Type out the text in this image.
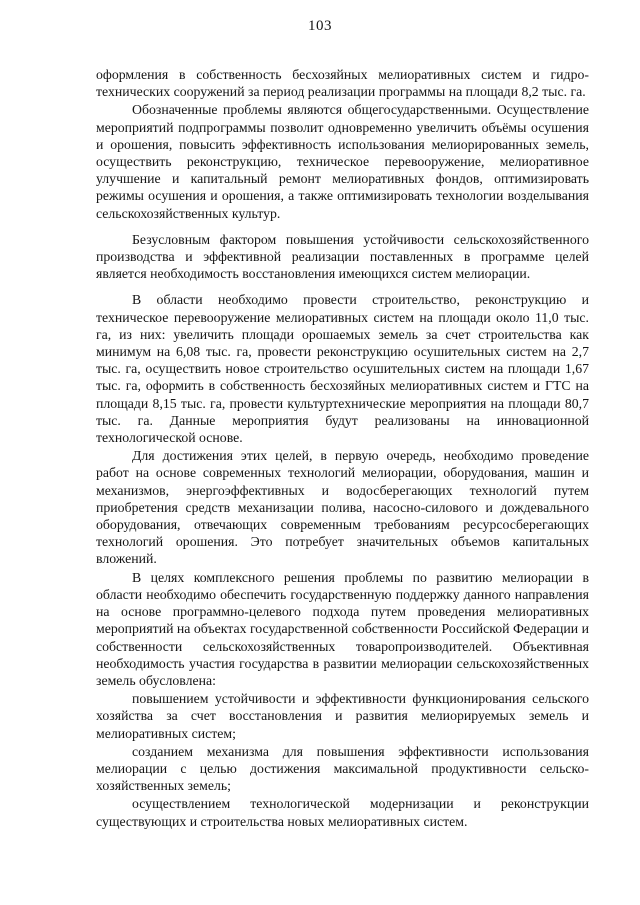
103

оформления в собственность бесхозяйных мелиоративных систем и гидротехнических сооружений за период реализации программы на площади 8,2 тыс. га.

Обозначенные проблемы являются общегосударственными. Осуществление мероприятий подпрограммы позволит одновременно увеличить объёмы осушения и орошения, повысить эффективность использования мелиорированных земель, осуществить реконструкцию, техническое перевооружение, мелиоративное улучшение и капитальный ремонт мелиоративных фондов, оптимизировать режимы осушения и орошения, а также оптимизировать технологии возделывания сельскохозяйственных культур.

Безусловным фактором повышения устойчивости сельскохозяйственного производства и эффективной реализации поставленных в программе целей является необходимость восстановления имеющихся систем мелиорации.

В области необходимо провести строительство, реконструкцию и техническое перевооружение мелиоративных систем на площади около 11,0 тыс. га, из них: увеличить площади орошаемых земель за счет строительства как минимум на 6,08 тыс. га, провести реконструкцию осушительных систем на 2,7 тыс. га, осуществить новое строительство осушительных систем на площади 1,67 тыс. га, оформить в собственность бесхозяйных мелиоративных систем и ГТС на площади 8,15 тыс. га, провести культуртехнические мероприятия на площади 80,7 тыс. га. Данные мероприятия будут реализованы на инновационной технологической основе.

Для достижения этих целей, в первую очередь, необходимо проведение работ на основе современных технологий мелиорации, оборудования, машин и механизмов, энергоэффективных и водосберегающих технологий путем приобретения средств механизации полива, насосно-силового и дождевального оборудования, отвечающих современным требованиям ресурсосберегающих технологий орошения. Это потребует значительных объемов капитальных вложений.

В целях комплексного решения проблемы по развитию мелиорации в области необходимо обеспечить государственную поддержку данного направления на основе программно-целевого подхода путем проведения мелиоративных мероприятий на объектах государственной собственности Российской Федерации и собственности сельскохозяйственных товаропроизводителей. Объективная необходимость участия государства в развитии мелиорации сельскохозяйственных земель обусловлена:

повышением устойчивости и эффективности функционирования сельского хозяйства за счет восстановления и развития мелиорируемых земель и мелиоративных систем;

созданием механизма для повышения эффективности использования мелиорации с целью достижения максимальной продуктивности сельскохозяйственных земель;

осуществлением технологической модернизации и реконструкции существующих и строительства новых мелиоративных систем.
